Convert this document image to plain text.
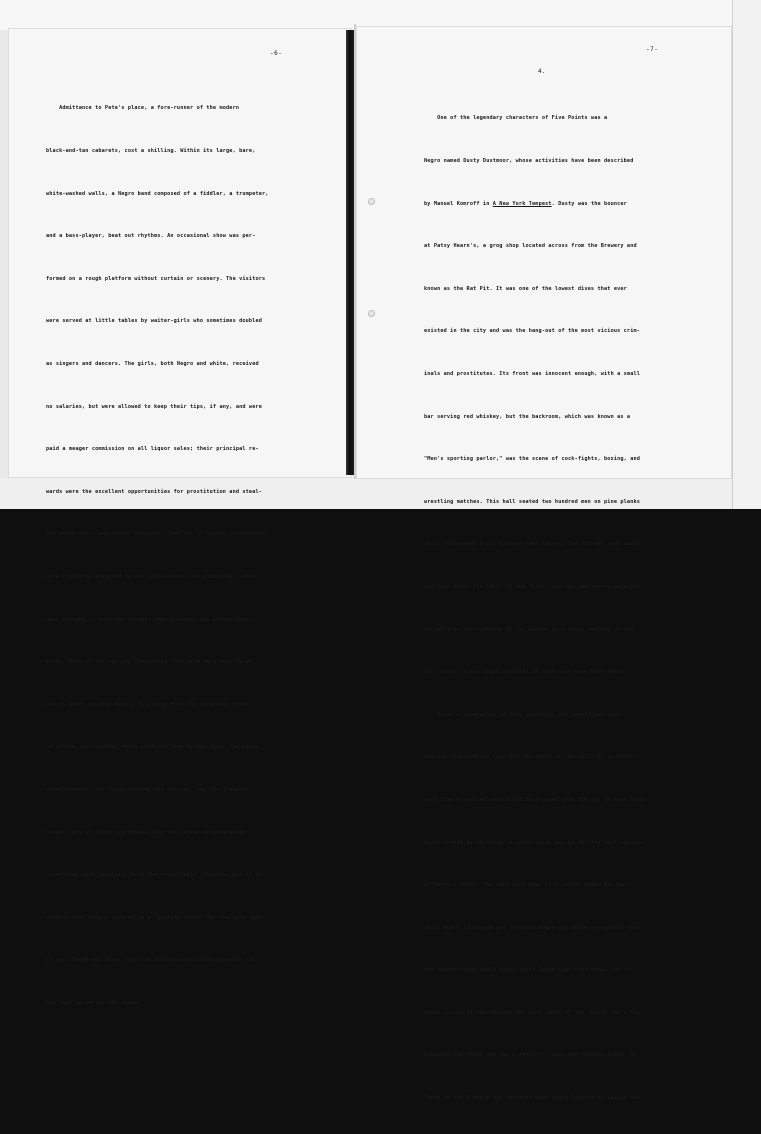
-6-

Admittance to Pete's place, a fore-runner of the modern

black-and-tan cabarets, cost a shilling. Within its large, bare,

white-washed walls, a Negro band composed of a fiddler, a trumpeter,

and a bass-player, beat out rhythms. An occasional show was per-

formed on a rough platform without curtain or scenery. The visitors

were served at little tables by waiter-girls who sometimes doubled

as singers and dancers. The girls, both Negro and white, received

no salaries, but were allowed to keep their tips, if any, and were

paid a meager commission on all liquor sales; their principal re-

wards were the excellent opportunities for prostitution and steal-

ing which their employment afforded. From ten to twenty prostitutes

were regularly attached to the dance-house, and additional women

were brought in from the streets when business was exceptionally

brisk. Most of the men who frequented this dive were well-to-do,

and no doubt visited Pete's to escape from the puritanic strain

of uptown surroundings which confined them to the nice. The bawdy

entertainment, the rowdy singing and dancing, and the frequent

brawls, all of which overflowed into the better neighborhoods,

occasioned much complaint from the respectable citizens. But it is

evident that Pete's catered to a "quality trade" for the only time

it was closed was when, like the aristocratic establishments, it

was shut up during the summer.

-7-
4.

One of the legendary characters of Five Points was a

Negro named Dusty Dustmoor, whose activities have been described

by Manuel Komroff in A New York Tempest. Dusty was the bouncer

at Patsy Hearn's, a grog shop located across from the Brewery and

known as the Rat Pit. It was one of the lowest dives that ever

existed in the city and was the hang-out of the most vicious crim-

inals and prostitutes. Its front was innocent enough, with a small

bar serving red whiskey, but the backroom, which was known as a

"Men's sporting parlor," was the scene of cock-fights, boxing, and

wrestling matches. This hall seated two hundred men on pine planks

which surrounded a pit fifteen feet square. The pit was sunk about

two feet below the level of the floor, and the spectators were pro-

tected from the violence in its center by a heavy railing on its

rim. Almost every night contests of some sort were held there.

Dusty's reputation in this community was identified with

his job of preparing rats for the sport of rat-killing, in which

more than a hundred rats would be dropped into the pit to have their

backs broken by terriers--a sport which was by far the most popular

at Patsy's joint. The rats were kept in a cellar under the hall,

which had a tin-lined pen in which Negro and white youngsters from

the neighborhood would empty their large cage-like traps and re-

ceive a swig of red whiskey for each catch of ten. Dusty was a big,

overpowering tough who was a match for rats and rowdies alike. He

lived in the Brewery and retained what might loosely be called his
